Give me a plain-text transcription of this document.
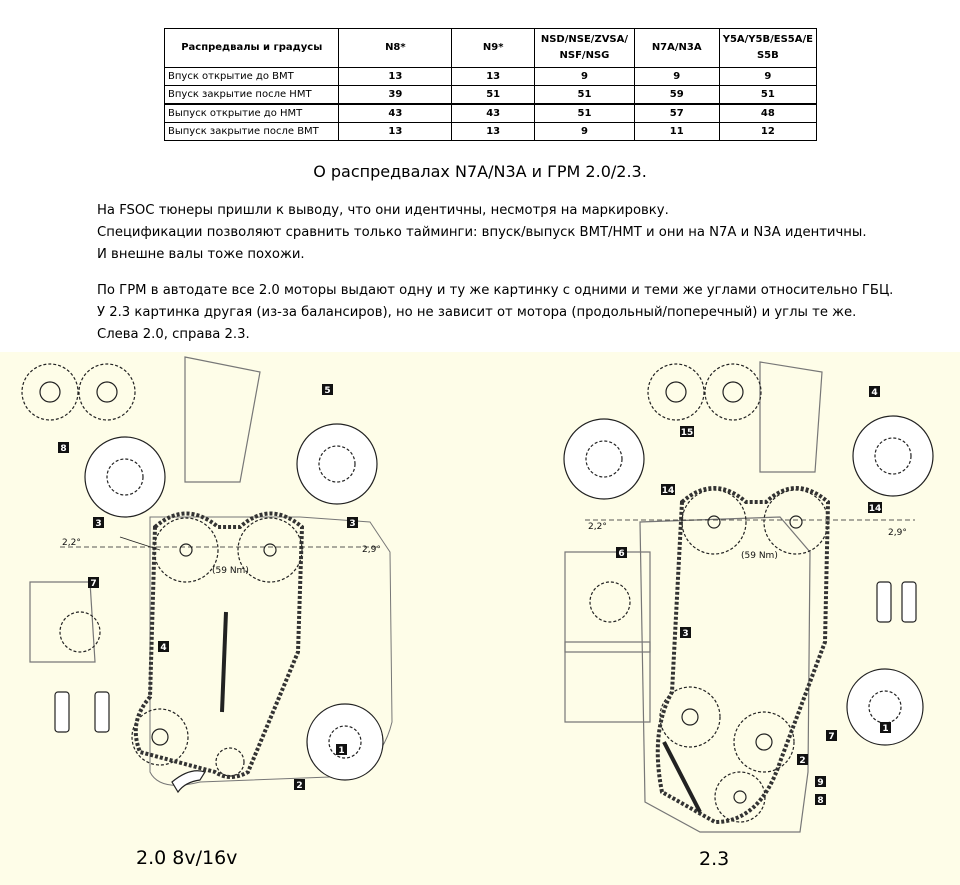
Распредвалы и градусы	N8*	N9*	NSD/NSE/ZVSA/ NSF/NSG	N7A/N3A	Y5A/Y5B/ES5A/E S5B
Впуск открытие до ВМТ	13	13	9	9	9
Впуск закрытие после НМТ	39	51	51	59	51
Выпуск открытие до НМТ	43	43	51	57	48
Выпуск закрытие после ВМТ	13	13	9	11	12
О распредвалах N7A/N3A и ГРМ 2.0/2.3.
На FSOC тюнеры пришли к выводу, что они идентичны, несмотря на маркировку.
Спецификации позволяют сравнить только тайминги: впуск/выпуск ВМТ/НМТ и они на N7A и N3A идентичны.
И внешне валы тоже похожи.
По ГРМ в автодате все 2.0 моторы выдают одну и ту же картинку с одними и теми же углами относительно ГБЦ.
У 2.3 картинка другая (из-за балансиров), но не зависит от мотора (продольный/поперечный) и углы те же.
Слева 2.0, справа 2.3.
8
5
3	3
7
4
1
2
2,2°
2,9°
(59 Nm)
15
4
14
14
6
3
1
7
2
9
8
2,2°
2,9°
(59 Nm)
2.0 8v/16v	2.3
